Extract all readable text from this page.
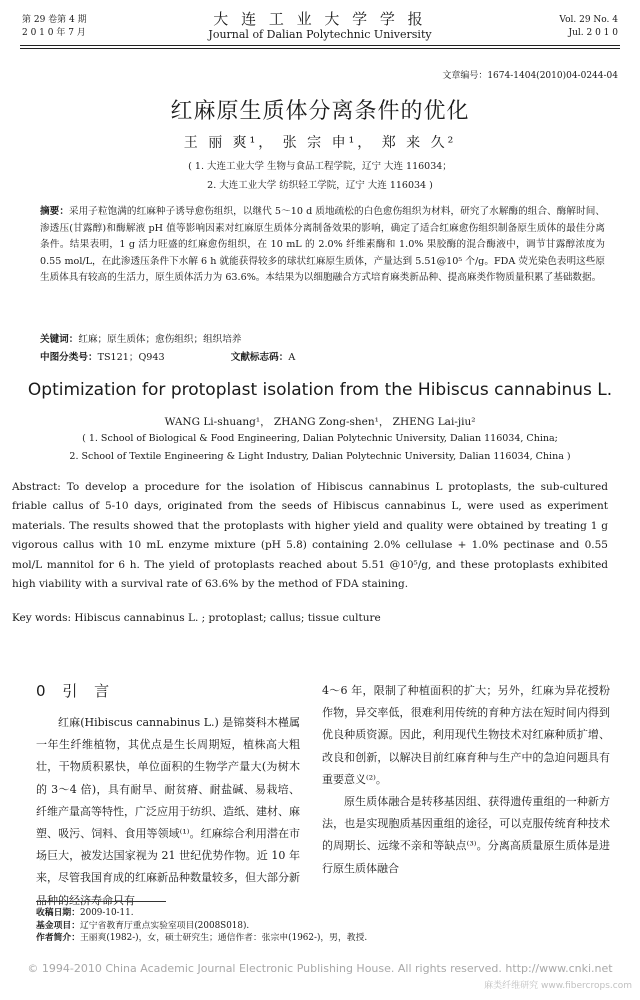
第 29 卷第 4 期
2 0 1 0 年 7 月
大 连 工 业 大 学 学 报
Journal of Dalian Polytechnic University
Vol. 29 No. 4
Jul. 2 0 1 0
文章编号：1674-1404(2010)04-0244-04
红麻原生质体分离条件的优化
王 丽 爽¹， 张 宗 申¹， 郑 来 久²
( 1. 大连工业大学 生物与食品工程学院，辽宁 大连 116034；
2. 大连工业大学 纺织轻工学院，辽宁 大连 116034 )
摘要：采用子粒饱满的红麻种子诱导愈伤组织，以继代 5～10 d 质地疏松的白色愈伤组织为材料，研究了水解酶的组合、酶解时间、渗透压(甘露醇)和酶解液 pH 值等影响因素对红麻原生质体分离制备效果的影响，确定了适合红麻愈伤组织制备原生质体的最佳分离条件。结果表明，1 g 活力旺盛的红麻愈伤组织，在 10 mL 的 2.0% 纤维素酶和 1.0% 果胶酶的混合酶液中，调节甘露醇浓度为 0.55 mol/L，在此渗透压条件下水解 6 h 就能获得较多的球状红麻原生质体，产量达到 5.51@10⁵ 个/g。FDA 荧光染色表明这些原生质体具有较高的生活力，原生质体活力为 63.6%。本结果为以细胞融合方式培育麻类新品种、提高麻类作物质量积累了基础数据。
关键词：红麻；原生质体；愈伤组织；组织培养
中图分类号：TS121；Q943	文献标志码：A
Optimization for protoplast isolation from the Hibiscus cannabinus L.
WANG Li-shuang¹， ZHANG Zong-shen¹， ZHENG Lai-jiu²
( 1. School of Biological & Food Engineering, Dalian Polytechnic University, Dalian 116034, China;
2. School of Textile Engineering & Light Industry, Dalian Polytechnic University, Dalian 116034, China )
Abstract: To develop a procedure for the isolation of Hibiscus cannabinus L protoplasts, the sub-cultured friable callus of 5-10 days, originated from the seeds of Hibiscus cannabinus L, were used as experiment materials. The results showed that the protoplasts with higher yield and quality were obtained by treating 1 g vigorous callus with 10 mL enzyme mixture (pH 5.8) containing 2.0% cellulase + 1.0% pectinase and 0.55 mol/L mannitol for 6 h. The yield of protoplasts reached about 5.51 @10⁵/g, and these protoplasts exhibited high viability with a survival rate of 63.6% by the method of FDA staining.
Key words: Hibiscus cannabinus L. ; protoplast; callus; tissue culture
0 引 言

红麻(Hibiscus cannabinus L.) 是锦葵科木槿属一年生纤维植物，其优点是生长周期短，植株高大粗壮，干物质积累快，单位面积的生物学产量大(为树木的 3～4 倍)，具有耐旱、耐贫瘠、耐盐碱、易栽培、纤维产量高等特性，广泛应用于纺织、造纸、建材、麻塑、吸污、饲料、食用等领域⁽¹⁾。红麻综合利用潜在市场巨大，被发达国家视为 21 世纪优势作物。近 10 年来，尽管我国育成的红麻新品种数量较多，但大部分新品种的经济寿命只有

4～6 年，限制了种植面积的扩大；另外，红麻为异花授粉作物，异交率低，很难利用传统的育种方法在短时间内得到优良种质资源。因此，利用现代生物技术对红麻种质扩增、改良和创新，以解决目前红麻育种与生产中的急迫问题具有重要意义⁽²⁾。

原生质体融合是转移基因组、获得遗传重组的一种新方法，也是实现胞质基因重组的途径，可以克服传统育种技术的周期长、远缘不亲和等缺点⁽³⁾。分离高质量原生质体是进行原生质体融合

收稿日期：2009-10-11.
基金项目：辽宁省教育厅重点实验室项目(2008S018).
作者简介：王丽爽(1982-)，女，硕士研究生；通信作者：张宗申(1962-)，男，教授.
© 1994-2010 China Academic Journal Electronic Publishing House. All rights reserved. http://www.cnki.net
麻类纤维研究 www.fibercrops.com
